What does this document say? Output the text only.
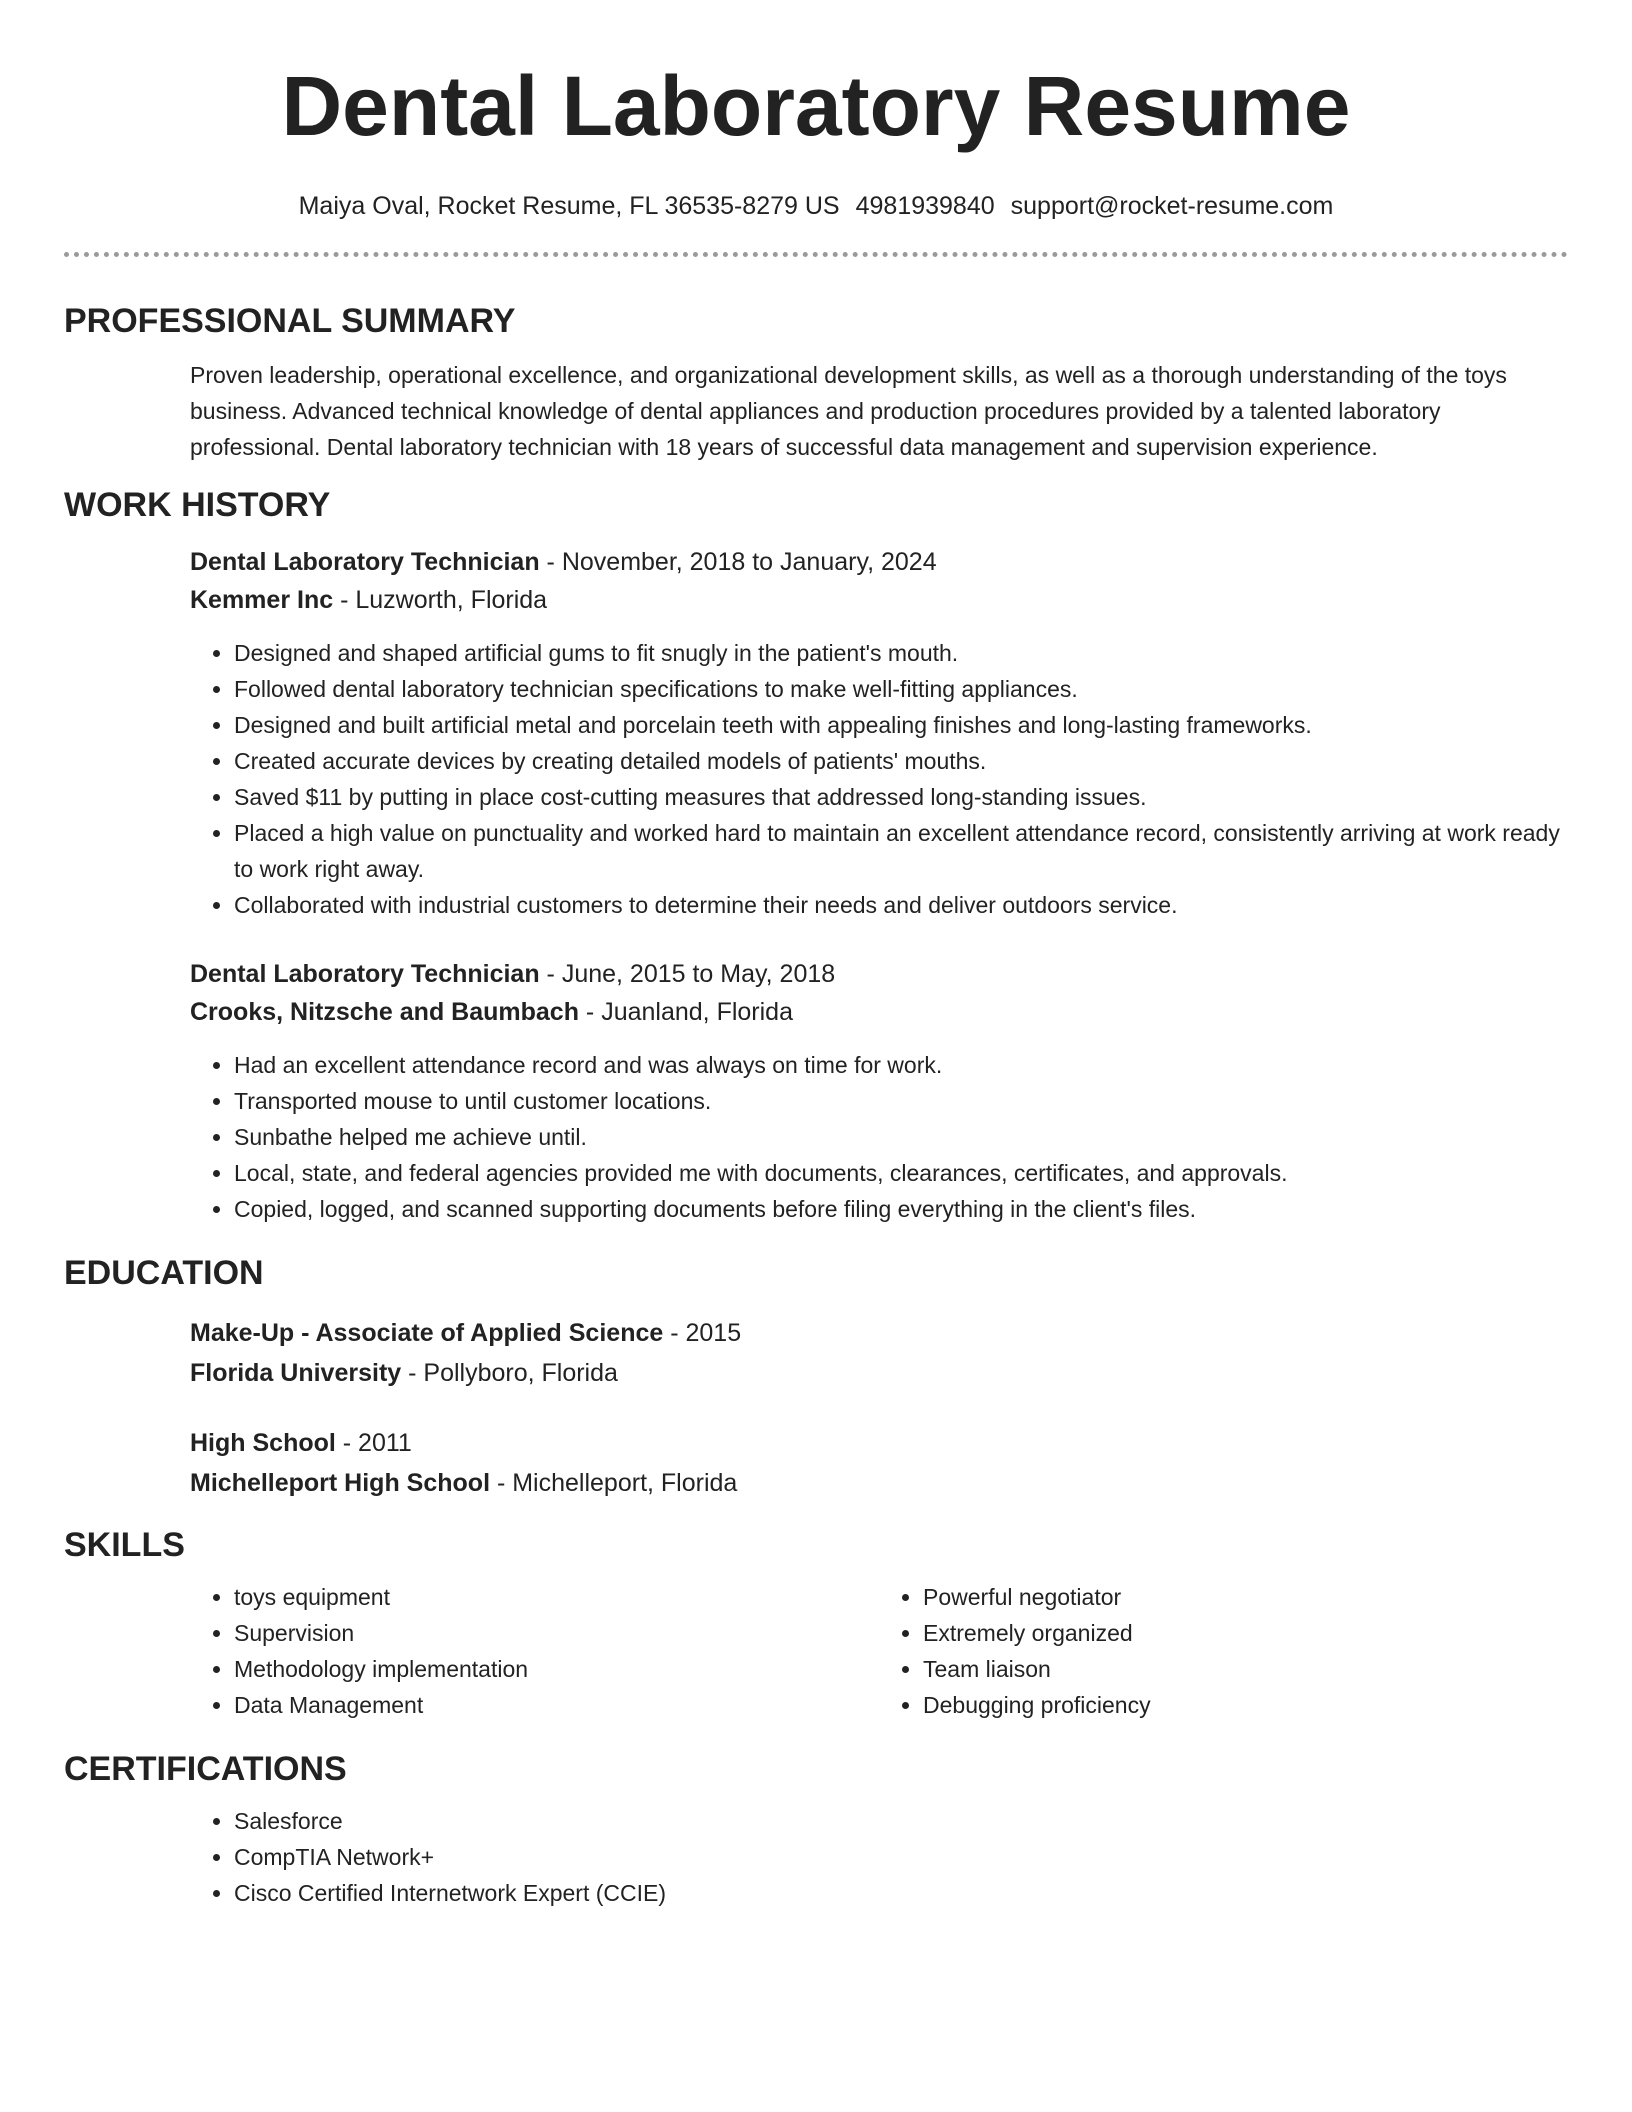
Dental Laboratory Resume
Maiya Oval, Rocket Resume, FL 36535-8279 US 4981939840 support@rocket-resume.com
PROFESSIONAL SUMMARY

Proven leadership, operational excellence, and organizational development skills, as well as a thorough understanding of the toys business. Advanced technical knowledge of dental appliances and production procedures provided by a talented laboratory professional. Dental laboratory technician with 18 years of successful data management and supervision experience.

WORK HISTORY
Dental Laboratory Technician - November, 2018 to January, 2024
Kemmer Inc - Luzworth, Florida
• Designed and shaped artificial gums to fit snugly in the patient's mouth.
• Followed dental laboratory technician specifications to make well-fitting appliances.
• Designed and built artificial metal and porcelain teeth with appealing finishes and long-lasting frameworks.
• Created accurate devices by creating detailed models of patients' mouths.
• Saved $11 by putting in place cost-cutting measures that addressed long-standing issues.
• Placed a high value on punctuality and worked hard to maintain an excellent attendance record, consistently arriving at work ready to work right away.
• Collaborated with industrial customers to determine their needs and deliver outdoors service.
Dental Laboratory Technician - June, 2015 to May, 2018
Crooks, Nitzsche and Baumbach - Juanland, Florida
• Had an excellent attendance record and was always on time for work.
• Transported mouse to until customer locations.
• Sunbathe helped me achieve until.
• Local, state, and federal agencies provided me with documents, clearances, certificates, and approvals.
• Copied, logged, and scanned supporting documents before filing everything in the client's files.
EDUCATION
Make-Up - Associate of Applied Science - 2015
Florida University - Pollyboro, Florida
High School - 2011
Michelleport High School - Michelleport, Florida
SKILLS
• toys equipment
• Supervision
• Methodology implementation
• Data Management
• Powerful negotiator
• Extremely organized
• Team liaison
• Debugging proficiency
CERTIFICATIONS
• Salesforce
• CompTIA Network+
• Cisco Certified Internetwork Expert (CCIE)
